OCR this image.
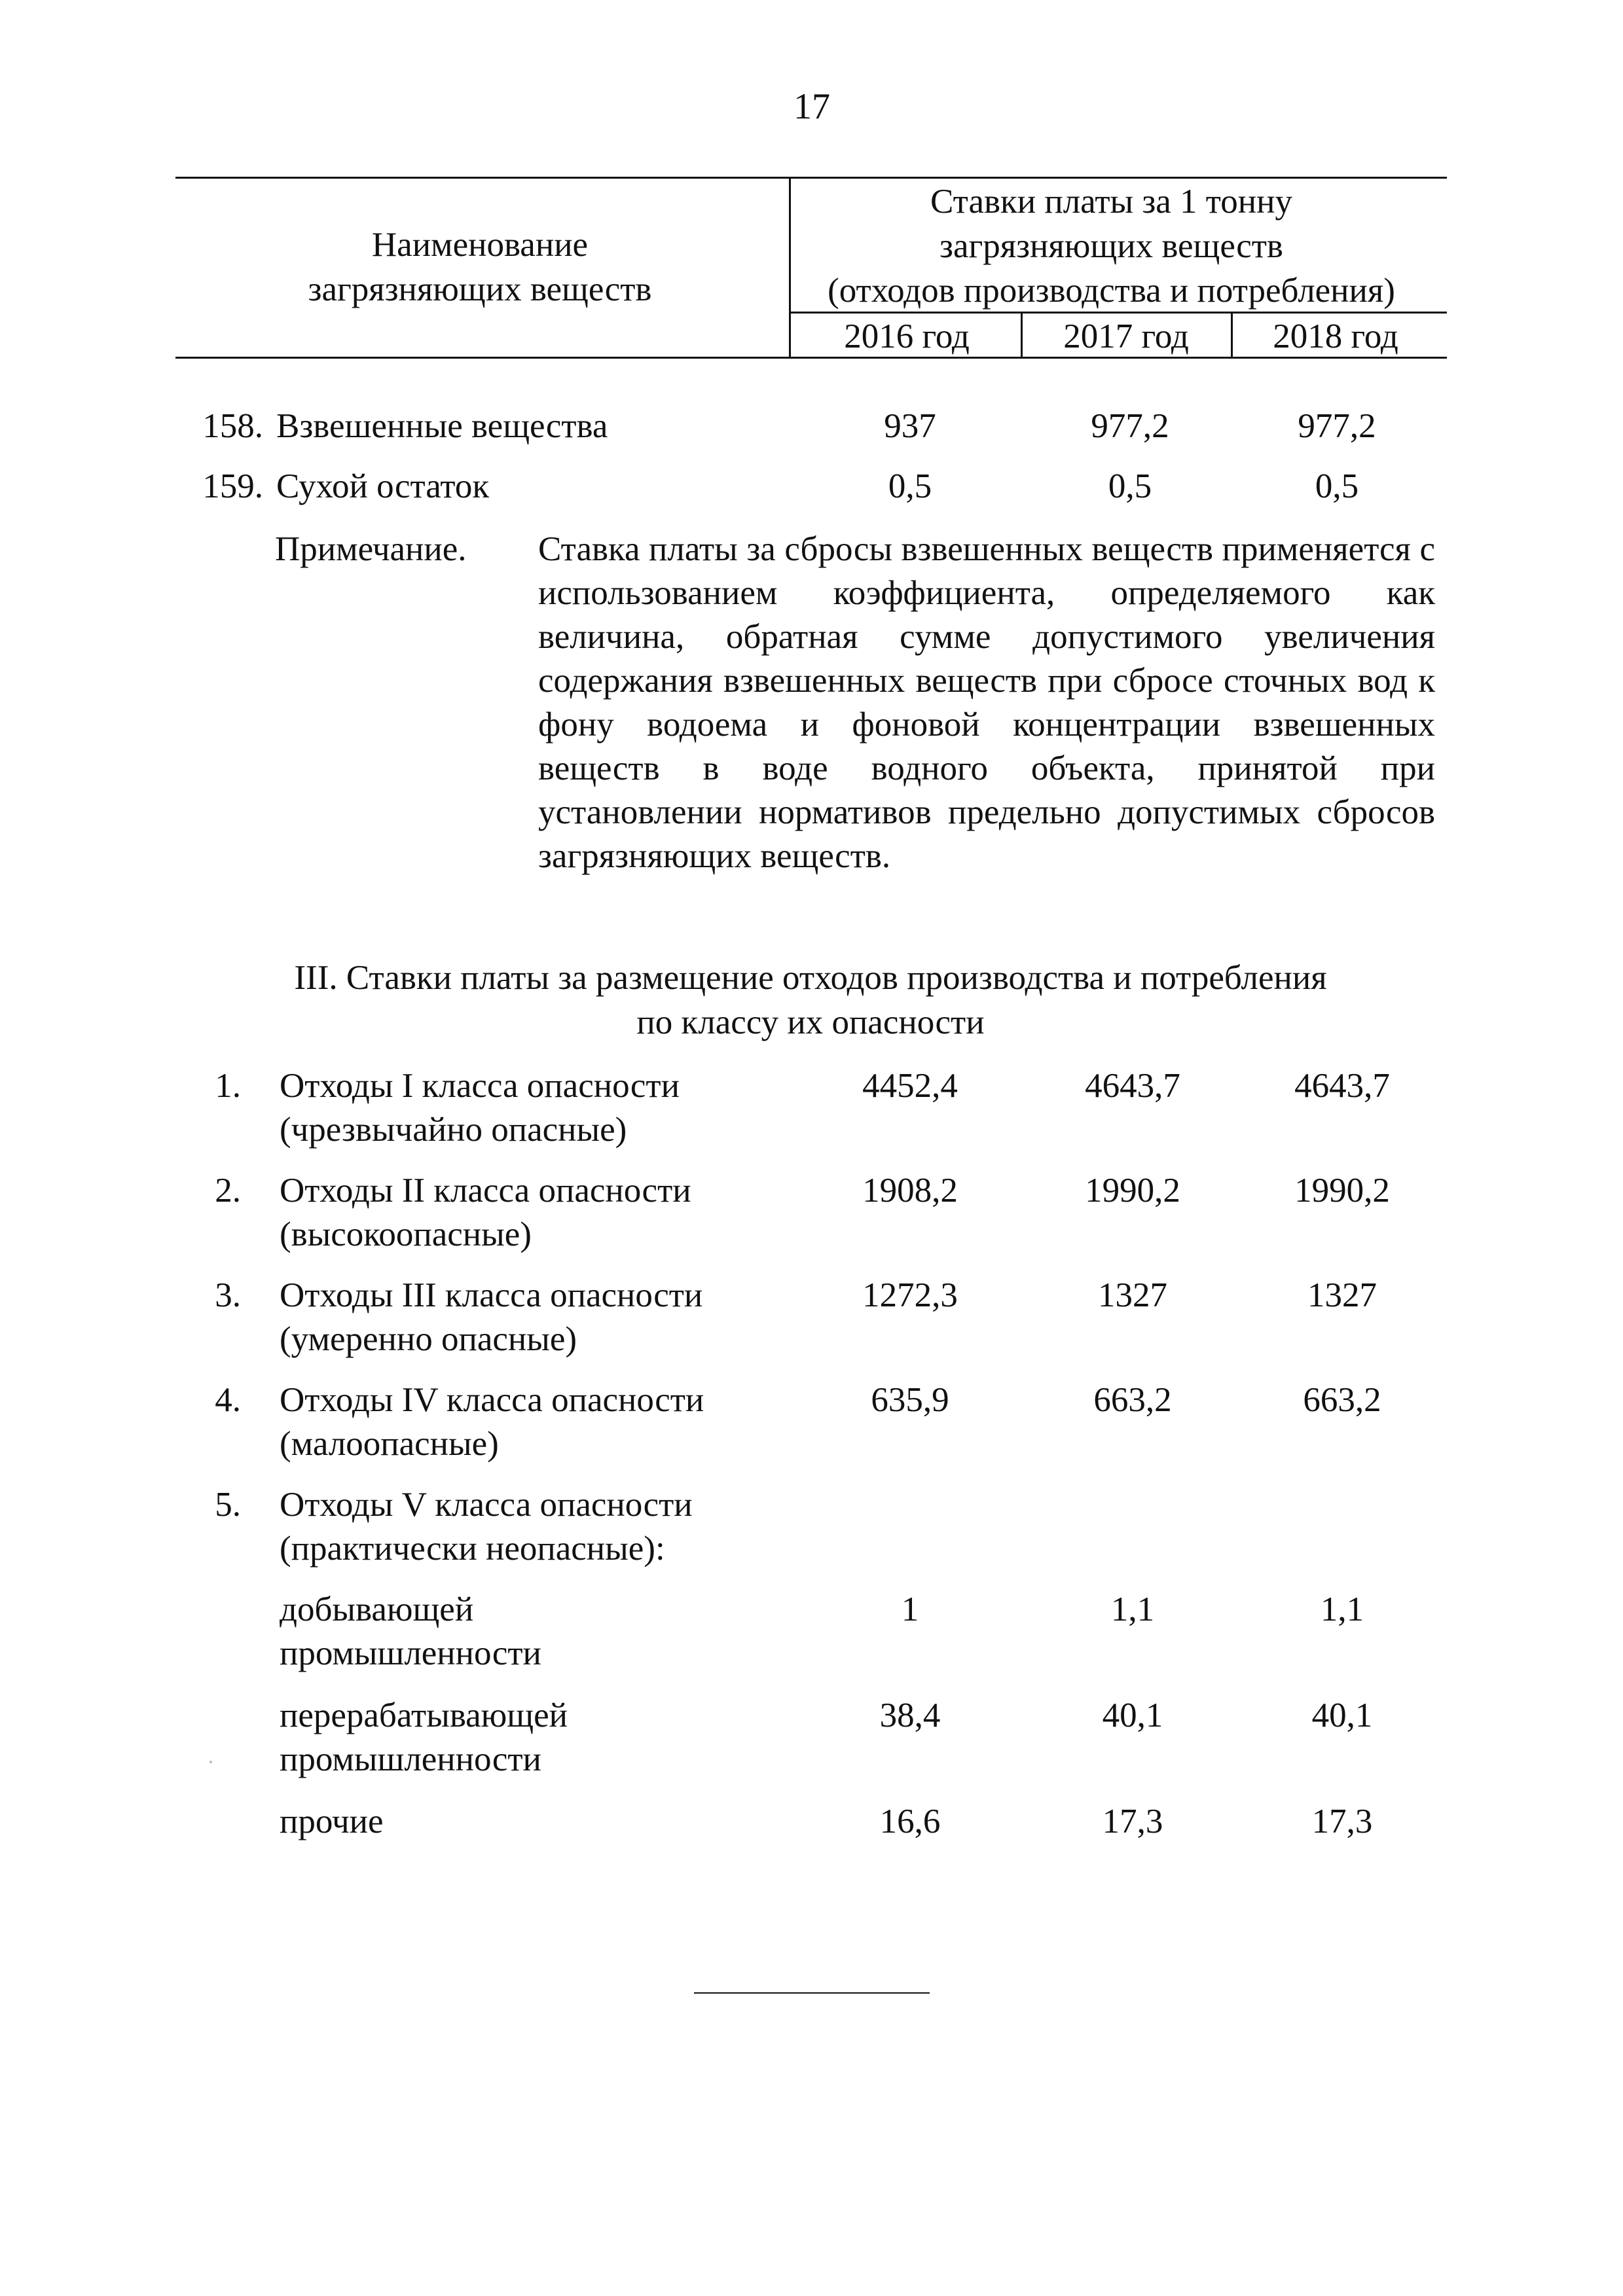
17
Наименование
загрязняющих веществ
Ставки платы за 1 тонну
загрязняющих веществ
(отходов производства и потребления)
2016 год	2017 год	2018 год
158. Взвешенные вещества	937	977,2	977,2
159. Сухой остаток	0,5	0,5	0,5
Примечание. Ставка платы за сбросы взвешенных веществ применяется с использованием коэффициента, определяемого как величина, обратная сумме допустимого увеличения содержания взвешенных веществ при сбросе сточных вод к фону водоема и фоновой концентрации взвешенных веществ в воде водного объекта, принятой при установлении нормативов предельно допустимых сбросов загрязняющих веществ.
III. Ставки платы за размещение отходов производства и потребления
по классу их опасности
1. Отходы I класса опасности
(чрезвычайно опасные)
4452,4	4643,7	4643,7
2. Отходы II класса опасности
(высокоопасные)
1908,2	1990,2	1990,2
3. Отходы III класса опасности
(умеренно опасные)
1272,3	1327	1327
4. Отходы IV класса опасности
(малоопасные)
635,9	663,2	663,2
5. Отходы V класса опасности
(практически неопасные):
добывающей
промышленности
1	1,1	1,1
перерабатывающей
промышленности
38,4	40,1	40,1
прочие	16,6	17,3	17,3
